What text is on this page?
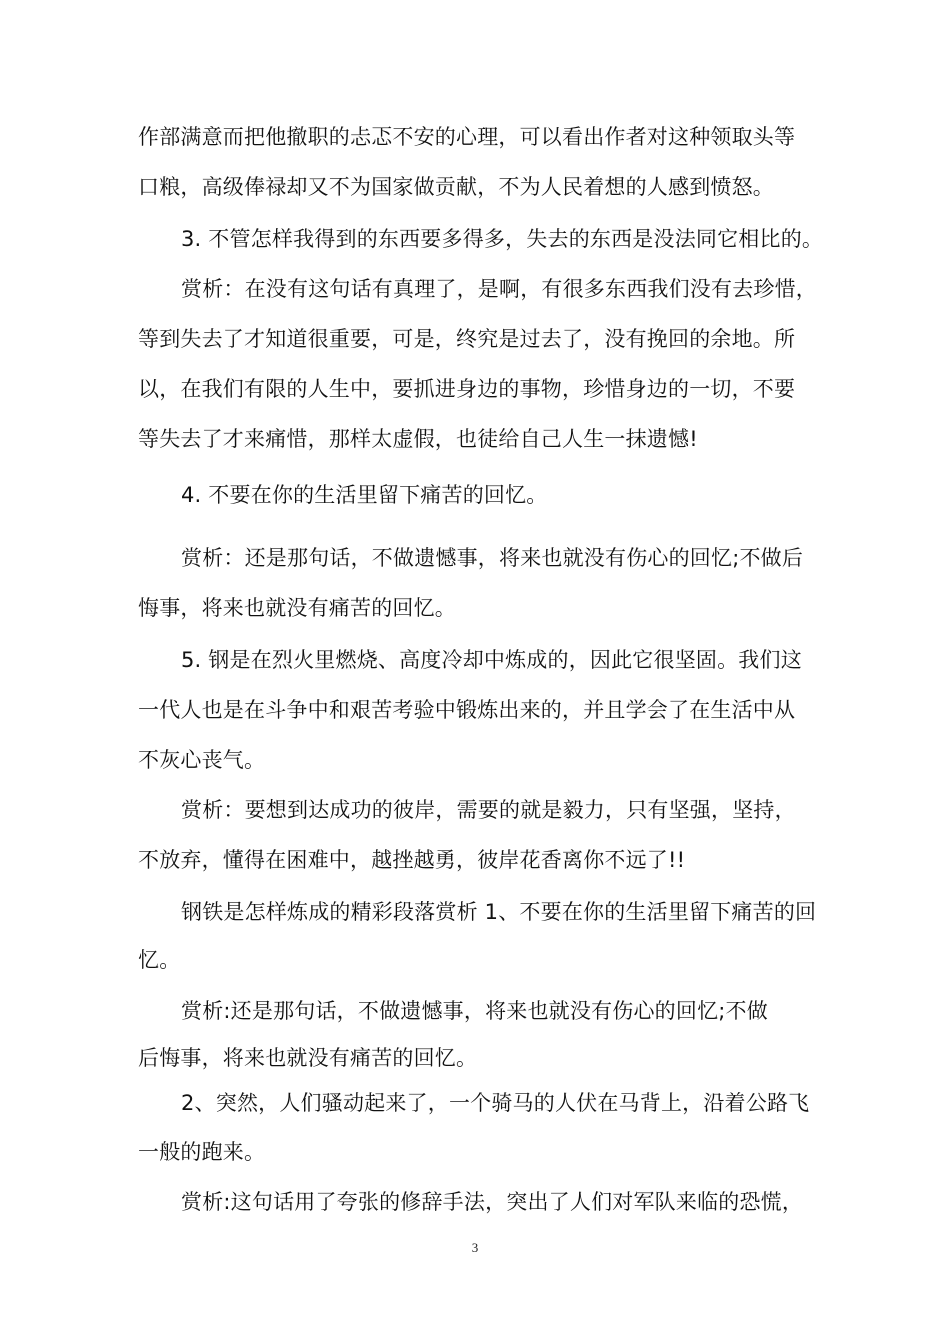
作部满意而把他撤职的忐忑不安的心理，可以看出作者对这种领取头等
口粮，高级俸禄却又不为国家做贡献，不为人民着想的人感到愤怒。
3. 不管怎样我得到的东西要多得多，失去的东西是没法同它相比的。
赏析：在没有这句话有真理了，是啊，有很多东西我们没有去珍惜，
等到失去了才知道很重要，可是，终究是过去了，没有挽回的余地。所
以，在我们有限的人生中，要抓进身边的事物，珍惜身边的一切，不要
等失去了才来痛惜，那样太虚假，也徒给自己人生一抹遗憾!
4. 不要在你的生活里留下痛苦的回忆。
赏析：还是那句话，不做遗憾事，将来也就没有伤心的回忆;不做后
悔事，将来也就没有痛苦的回忆。
5. 钢是在烈火里燃烧、高度冷却中炼成的，因此它很坚固。我们这
一代人也是在斗争中和艰苦考验中锻炼出来的，并且学会了在生活中从
不灰心丧气。
赏析：要想到达成功的彼岸，需要的就是毅力，只有坚强，坚持，
不放弃，懂得在困难中，越挫越勇，彼岸花香离你不远了!!
钢铁是怎样炼成的精彩段落赏析 1、不要在你的生活里留下痛苦的回
忆。
赏析:还是那句话，不做遗憾事，将来也就没有伤心的回忆;不做
后悔事，将来也就没有痛苦的回忆。
2、突然，人们骚动起来了，一个骑马的人伏在马背上，沿着公路飞
一般的跑来。
赏析:这句话用了夸张的修辞手法，突出了人们对军队来临的恐慌，
3
